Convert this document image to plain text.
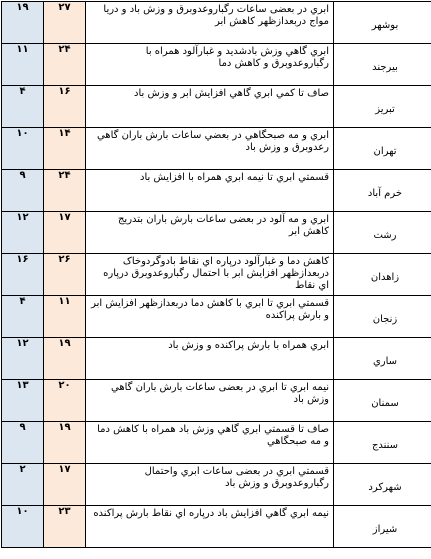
۱۹	۲۷	ابري در بعضی ساعات رگباروعدوبرق و وزش باد و دريا مواج دربعدازظهر کاهش ابر	بوشهر
۱۱	۲۴	ابري گاهي وزش بادشديد و غبارآلود همراه با رگباروعدوبرق و کاهش دما	بيرجند
۴	۱۶	صاف تا کمي ابري گاهي افزايش ابر و وزش باد	تبريز
۱۰	۱۴	ابري و مه صبحگاهي در بعضي ساعات بارش باران گاهي رعدوبرق و وزش باد	تهران
۹	۲۴	قسمتي ابري تا نيمه ابري همراه با افزايش باد	خرم آباد
۱۲	۱۷	ابري و مه آلود در بعضی ساعات بارش باران بتدريج کاهش ابر	رشت
۱۶	۲۶	کاهش دما و غبارآلود درپاره اي نقاط بادوگردوخاک دربعدازظهر افزايش ابر با احتمال رگباروعدوبرق درپاره اي نقاط	زاهدان
۴	۱۱	قسمتي ابري تا ابري با کاهش دما دربعدازظهر افزايش ابر و بارش پراکنده	زنجان
۱۲	۱۹	ابري همراه با بارش پراکنده و وزش باد	ساري
۱۳	۲۰	نيمه ابري تا ابري در بعضی ساعات بارش باران گاهي وزش باد	سمنان
۹	۱۹	صاف تا قسمتي ابري گاهي وزش باد همراه با کاهش دما و مه صبحگاهي	سنندج
۲	۱۷	قسمتي ابري در بعضی ساعات ابري واحتمال رگباروعدوبرق و وزش باد	شهرکرد
۱۰	۲۳	نيمه ابري گاهي افزايش باد درپاره اي نقاط بارش پراکنده	شيراز
